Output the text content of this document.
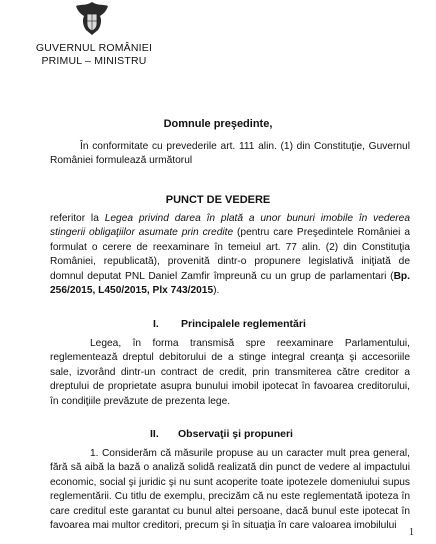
GUVERNUL ROMÂNIEI
PRIMUL – MINISTRU
Domnule preşedinte,
În conformitate cu prevederile art. 111 alin. (1) din Constituţie, Guvernul României formulează următorul
PUNCT DE VEDERE
referitor la Legea privind darea în plată a unor bunuri imobile în vederea stingerii obligaţiilor asumate prin credite (pentru care Preşedintele României a formulat o cerere de reexaminare în temeiul art. 77 alin. (2) din Constituţia României, republicată), provenită dintr-o propunere legislativă iniţiată de domnul deputat PNL Daniel Zamfir împreună cu un grup de parlamentari (Bp. 256/2015, L450/2015, Plx 743/2015).
I. Principalele reglementări
Legea, în forma transmisă spre reexaminare Parlamentului, reglementează dreptul debitorului de a stinge integral creanţa şi accesoriile sale, izvorând dintr-un contract de credit, prin transmiterea către creditor a dreptului de proprietate asupra bunului imobil ipotecat în favoarea creditorului, în condiţiile prevăzute de prezenta lege.
II. Observaţii şi propuneri
1. Considerăm că măsurile propuse au un caracter mult prea general, fără să aibă la bază o analiză solidă realizată din punct de vedere al impactului economic, social şi juridic şi nu sunt acoperite toate ipotezele domeniului supus reglementării. Cu titlu de exemplu, precizăm că nu este reglementată ipoteza în care creditul este garantat cu bunul altei persoane, dacă bunul este ipotecat în favoarea mai multor creditori, precum şi în situaţia în care valoarea imobilului
1
